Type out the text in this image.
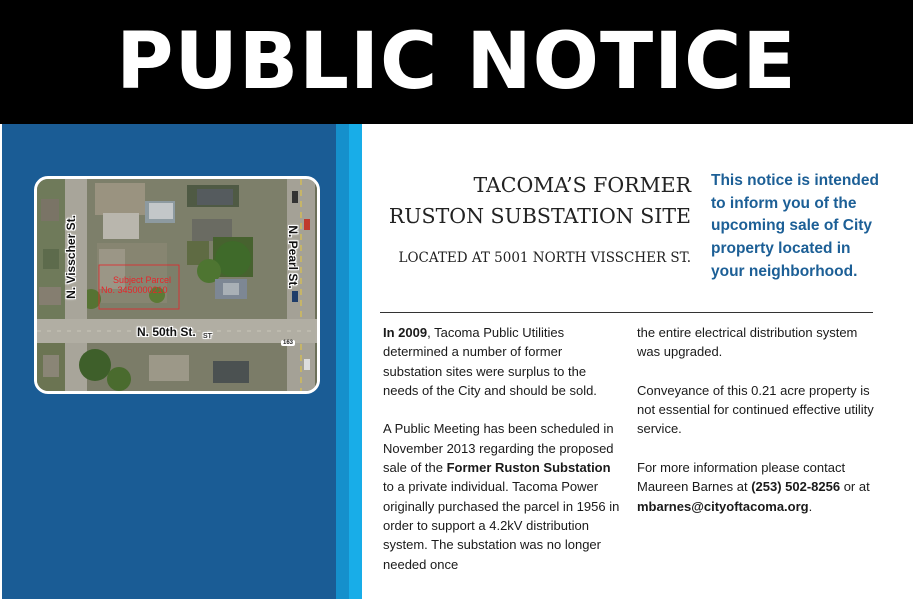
PUBLIC NOTICE
N. Visscher St.	N. Pearl St.
N. 50th St. ST
Subject Parcel
No. 3450000210
163
TACOMA’S FORMER
RUSTON SUBSTATION SITE
LOCATED AT 5001 NORTH VISSCHER ST.
This notice is intended to inform you of the upcoming sale of City property located in your neighborhood.
In 2009, Tacoma Public Utilities determined a number of former substation sites were surplus to the needs of the City and should be sold.
A Public Meeting has been scheduled in November 2013 regarding the proposed sale of the Former Ruston Substation to a private individual. Tacoma Power originally purchased the parcel in 1956 in order to support a 4.2kV distribution system. The substation was no longer needed once
the entire electrical distribution system was upgraded.
Conveyance of this 0.21 acre property is not essential for continued effective utility service.
For more information please contact Maureen Barnes at (253) 502-8256 or at mbarnes@cityoftacoma.org.
